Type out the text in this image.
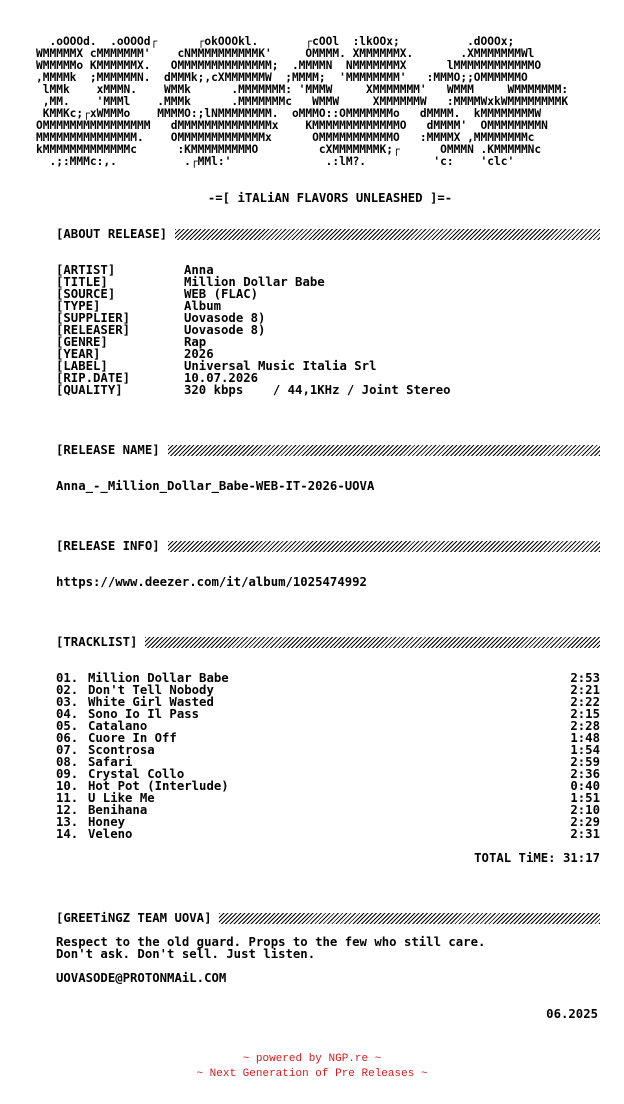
.oOOOd.  .oOOOd┌      ┌okOOOkl.       ┌cOOl  :lkOOx;          .dOOOx;
WMMMMMX cMMMMMMM'    cNMMMMMMMMMMK'     OMMMM. XMMMMMMX.       .XMMMMMMMWl
WMMMMMo KMMMMMMX.   OMMMMMMMMMMMMMM;  .MMMMN  NMMMMMMMX      lMMMMMMMMMMMMO
,MMMMk  ;MMMMMMN.  dMMMk;,cXMMMMMMW  ;MMMM;  'MMMMMMMM'   :MMMO;;OMMMMMMO
lMMk    xMMMN.    WMMk      .MMMMMMM: 'MMMW     XMMMMMMM'   WMMM     WMMMMMMM:
,MM.    'MMMl    .MMMk      .MMMMMMMc   WMMW     XMMMMMMW   :MMMMWxkWMMMMMMMMK
KMMKc;┌xWMMMo    MMMMO:;lNMMMMMMMM.  oMMMO::OMMMMMMMo   dMMMM.  kMMMMMMMMW
OMMMMMMMMMMMMMMMM   dMMMMMMMMMMMMMMx    KMMMMMMMMMMMMMO   dMMMM'  OMMMMMMMMN
MMMMMMMMMMMMMMM.    OMMMMMMMMMMMMMx      OMMMMMMMMMMMO   :MMMMX ,MMMMMMMMc
kMMMMMMMMMMMMMc      :KMMMMMMMMMO         cXMMMMMMMK;┌      OMMMN .KMMMMMNc
.;:MMMc:,.          .┌MMl:'              .:lM?.          'c:    'clc'
-=[ iTALiAN FLAVORS UNLEASHED ]=-
[ABOUT RELEASE]
[ARTIST]	Anna
[TITLE]	Million Dollar Babe
[SOURCE]	WEB (FLAC)
[TYPE]	Album
[SUPPLIER]	Uovasode 8)
[RELEASER]	Uovasode 8)
[GENRE]	Rap
[YEAR]	2026
[LABEL]	Universal Music Italia Srl
[RIP.DATE]	10.07.2026
[QUALITY]	320 kbps    / 44,1KHz / Joint Stereo
[RELEASE NAME]
Anna_-_Million_Dollar_Babe-WEB-IT-2026-UOVA
[RELEASE INFO]
https://www.deezer.com/it/album/1025474992
[TRACKLIST]
01. Million Dollar Babe	2:53
02. Don't Tell Nobody	2:21
03. White Girl Wasted	2:22
04. Sono Io Il Pass	2:15
05. Catalano	2:28
06. Cuore In Off	1:48
07. Scontrosa	1:54
08. Safari	2:59
09. Crystal Collo	2:36
10. Hot Pot (Interlude)	0:40
11. U Like Me	1:51
12. Benihana	2:10
13. Honey	2:29
14. Veleno	2:31
TOTAL TiME: 31:17
[GREETiNGZ TEAM UOVA]
Respect to the old guard. Props to the few who still care.
Don't ask. Don't sell. Just listen.
UOVASODE@PROTONMAiL.COM
06.2025
~ powered by NGP.re ~
~ Next Generation of Pre Releases ~
